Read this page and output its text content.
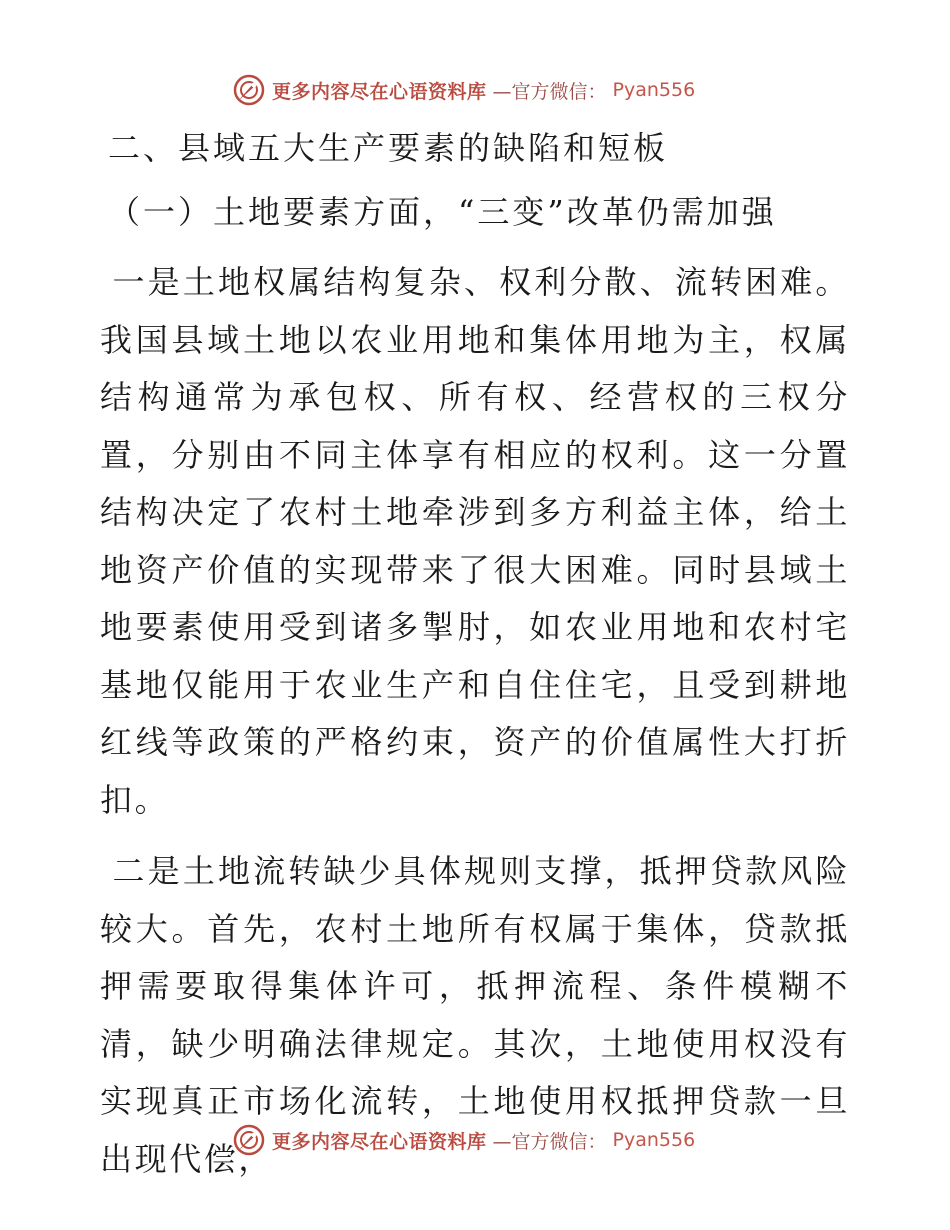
更多内容尽在心语资料库 —官方微信： Pyan556
二、县域五大生产要素的缺陷和短板
（一）土地要素方面，“三变”改革仍需加强

一是土地权属结构复杂、权利分散、流转困难。我国县域土地以农业用地和集体用地为主，权属结构通常为承包权、所有权、经营权的三权分置，分别由不同主体享有相应的权利。这一分置结构决定了农村土地牵涉到多方利益主体，给土地资产价值的实现带来了很大困难。同时县域土地要素使用受到诸多掣肘，如农业用地和农村宅基地仅能用于农业生产和自住住宅，且受到耕地红线等政策的严格约束，资产的价值属性大打折扣。

二是土地流转缺少具体规则支撑，抵押贷款风险较大。首先，农村土地所有权属于集体，贷款抵押需要取得集体许可，抵押流程、条件模糊不清，缺少明确法律规定。其次，土地使用权没有实现真正市场化流转，土地使用权抵押贷款一旦出现代偿，

更多内容尽在心语资料库 —官方微信： Pyan556
